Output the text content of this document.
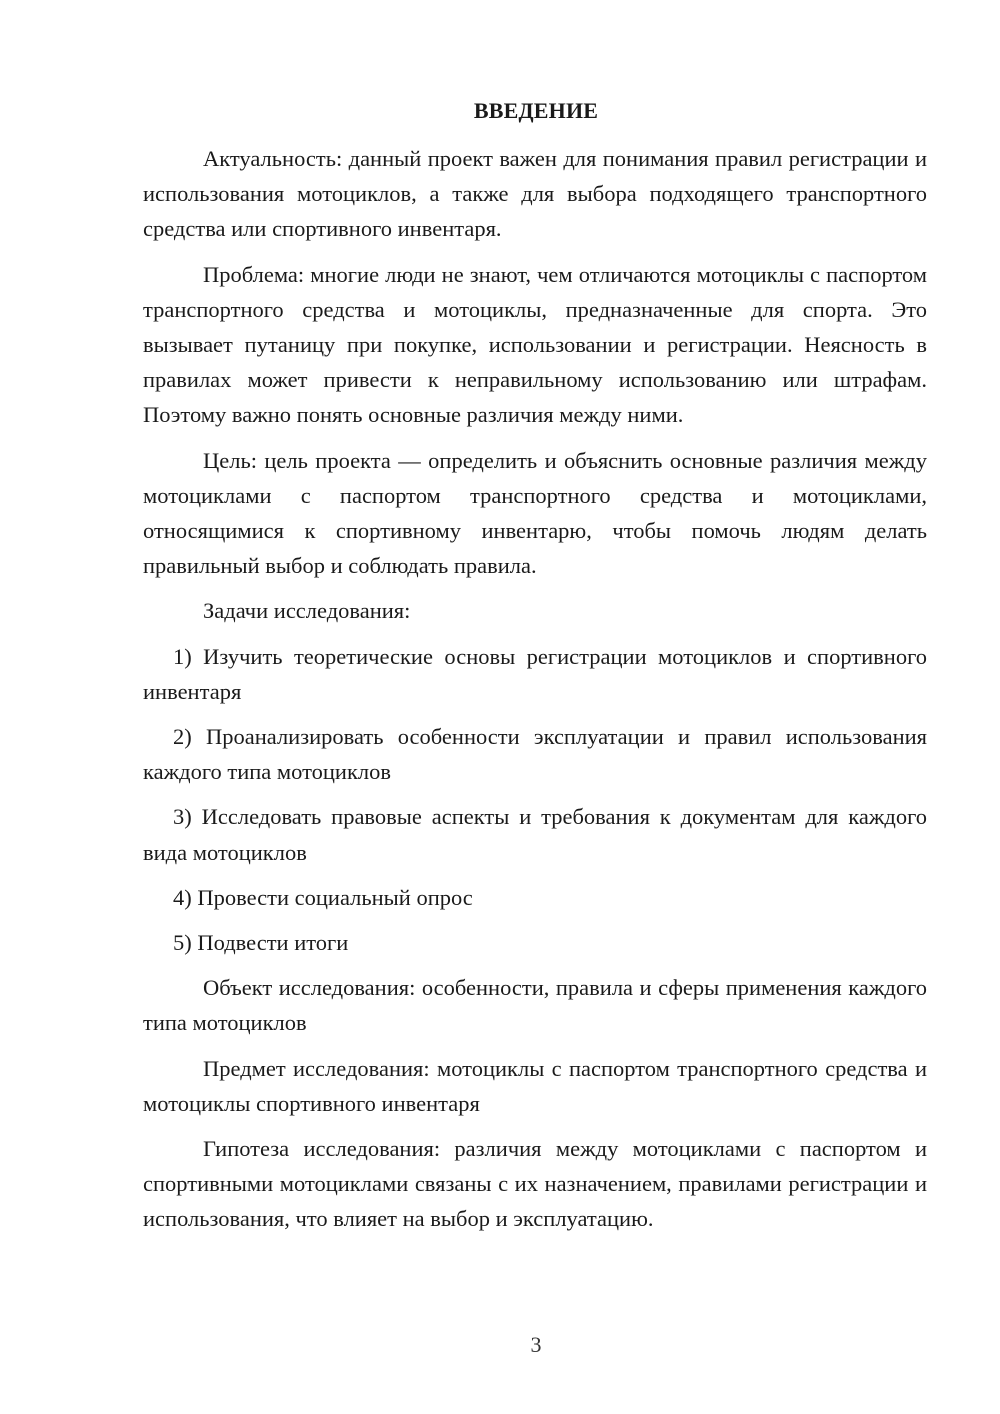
ВВЕДЕНИЕ

Актуальность: данный проект важен для понимания правил регистрации и использования мотоциклов, а также для выбора подходящего транспортного средства или спортивного инвентаря.

Проблема: многие люди не знают, чем отличаются мотоциклы с паспортом транспортного средства и мотоциклы, предназначенные для спорта. Это вызывает путаницу при покупке, использовании и регистрации. Неясность в правилах может привести к неправильному использованию или штрафам. Поэтому важно понять основные различия между ними.

Цель: цель проекта — определить и объяснить основные различия между мотоциклами с паспортом транспортного средства и мотоциклами, относящимися к спортивному инвентарю, чтобы помочь людям делать правильный выбор и соблюдать правила.

Задачи исследования:

1) Изучить теоретические основы регистрации мотоциклов и спортивного инвентаря

2) Проанализировать особенности эксплуатации и правил использования каждого типа мотоциклов

3) Исследовать правовые аспекты и требования к документам для каждого вида мотоциклов

4) Провести социальный опрос

5) Подвести итоги

Объект исследования: особенности, правила и сферы применения каждого типа мотоциклов

Предмет исследования: мотоциклы с паспортом транспортного средства и мотоциклы спортивного инвентаря

Гипотеза исследования: различия между мотоциклами с паспортом и спортивными мотоциклами связаны с их назначением, правилами регистрации и использования, что влияет на выбор и эксплуатацию.

3
